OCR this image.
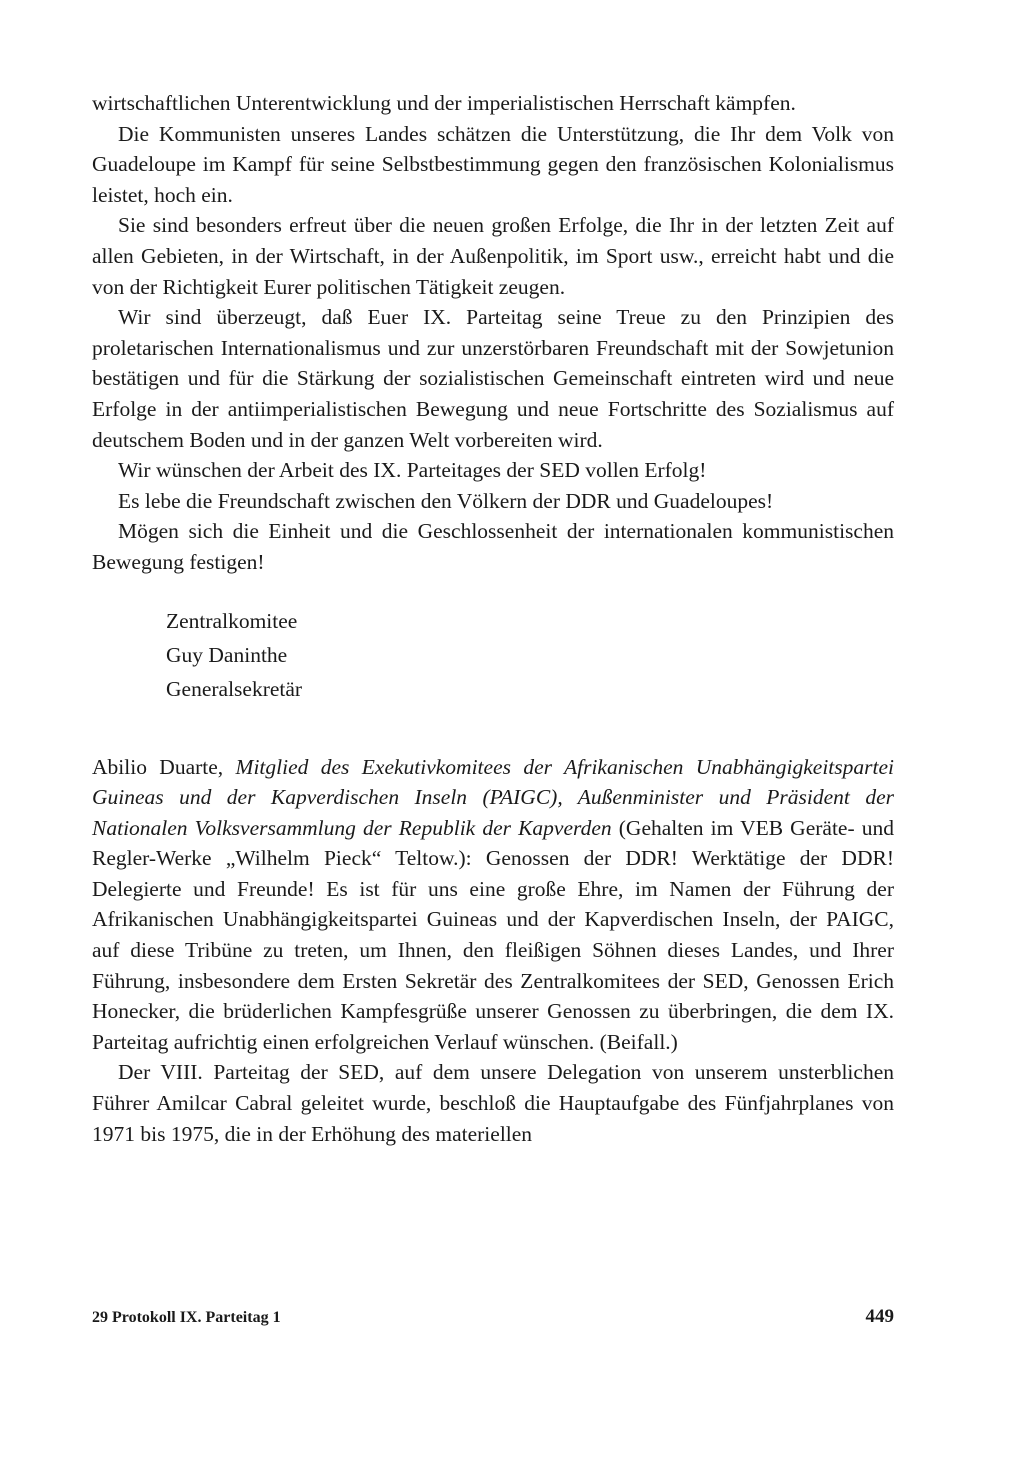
wirtschaftlichen Unterentwicklung und der imperialistischen Herrschaft kämpfen.

Die Kommunisten unseres Landes schätzen die Unterstützung, die Ihr dem Volk von Guadeloupe im Kampf für seine Selbstbestimmung gegen den französischen Kolonialismus leistet, hoch ein.

Sie sind besonders erfreut über die neuen großen Erfolge, die Ihr in der letzten Zeit auf allen Gebieten, in der Wirtschaft, in der Außenpolitik, im Sport usw., erreicht habt und die von der Richtigkeit Eurer politischen Tätigkeit zeugen.

Wir sind überzeugt, daß Euer IX. Parteitag seine Treue zu den Prinzipien des proletarischen Internationalismus und zur unzerstörbaren Freundschaft mit der Sowjetunion bestätigen und für die Stärkung der sozialistischen Gemeinschaft eintreten wird und neue Erfolge in der antiimperialistischen Bewegung und neue Fortschritte des Sozialismus auf deutschem Boden und in der ganzen Welt vorbereiten wird.

Wir wünschen der Arbeit des IX. Parteitages der SED vollen Erfolg!

Es lebe die Freundschaft zwischen den Völkern der DDR und Guadeloupes!

Mögen sich die Einheit und die Geschlossenheit der internationalen kommunistischen Bewegung festigen!

Zentralkomitee
Guy Daninthe
Generalsekretär

Abilio Duarte, Mitglied des Exekutivkomitees der Afrikanischen Unabhängigkeitspartei Guineas und der Kapverdischen Inseln (PAIGC), Außenminister und Präsident der Nationalen Volksversammlung der Republik der Kapverden (Gehalten im VEB Geräte- und Regler-Werke „Wilhelm Pieck“ Teltow.): Genossen der DDR! Werktätige der DDR! Delegierte und Freunde! Es ist für uns eine große Ehre, im Namen der Führung der Afrikanischen Unabhängigkeitspartei Guineas und der Kapverdischen Inseln, der PAIGC, auf diese Tribüne zu treten, um Ihnen, den fleißigen Söhnen dieses Landes, und Ihrer Führung, insbesondere dem Ersten Sekretär des Zentralkomitees der SED, Genossen Erich Honecker, die brüderlichen Kampfesgrüße unserer Genossen zu überbringen, die dem IX. Parteitag aufrichtig einen erfolgreichen Verlauf wünschen. (Beifall.)

Der VIII. Parteitag der SED, auf dem unsere Delegation von unserem unsterblichen Führer Amilcar Cabral geleitet wurde, beschloß die Hauptaufgabe des Fünfjahrplanes von 1971 bis 1975, die in der Erhöhung des materiellen

29 Protokoll IX. Parteitag 1	449
